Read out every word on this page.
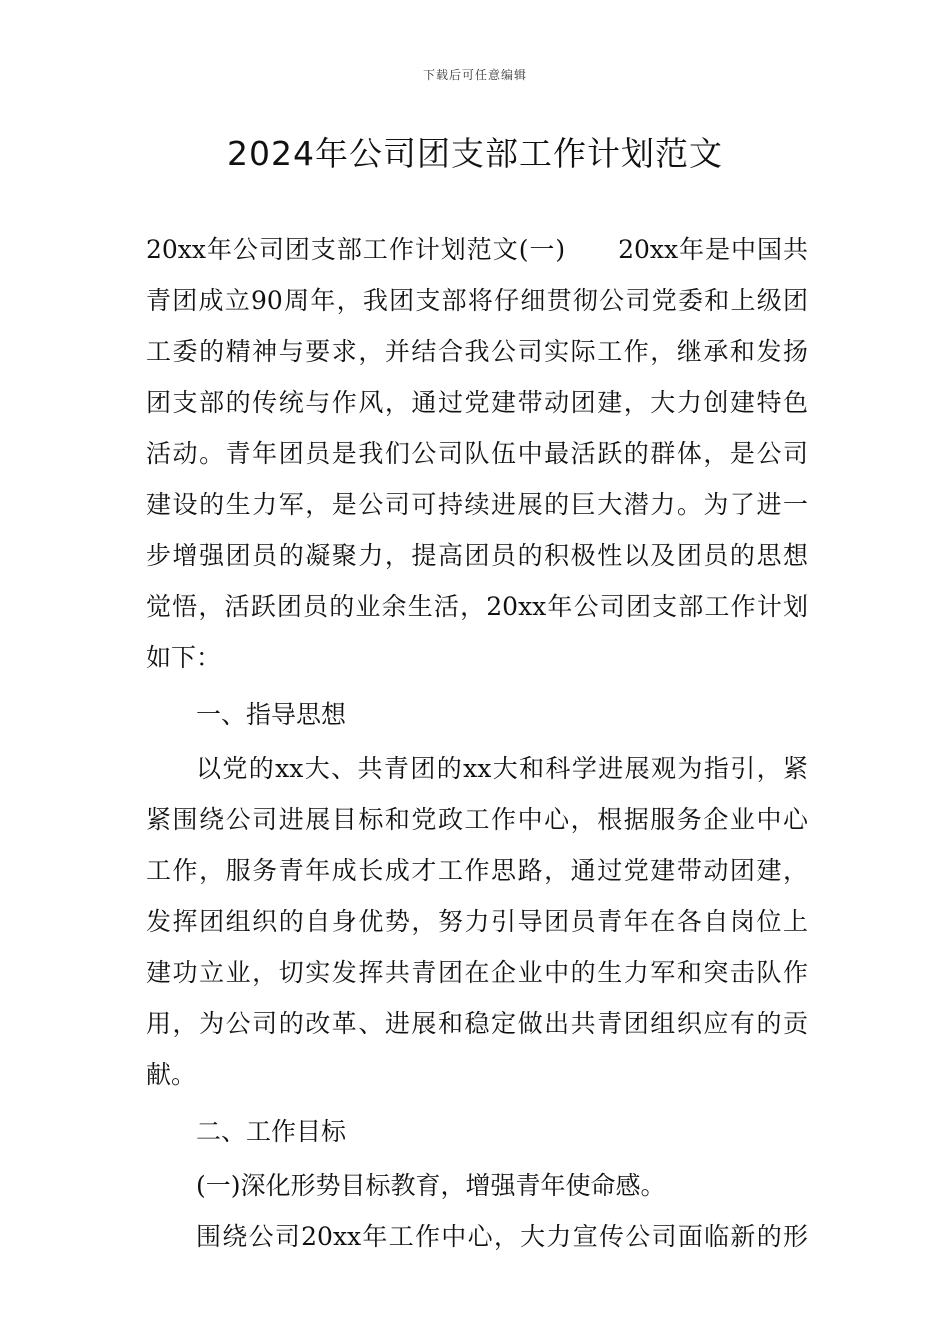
下载后可任意编辑
2024年公司团支部工作计划范文
20xx年公司团支部工作计划范文(一)　　20xx年是中国共
青团成立90周年，我团支部将仔细贯彻公司党委和上级团
工委的精神与要求，并结合我公司实际工作，继承和发扬
团支部的传统与作风，通过党建带动团建，大力创建特色
活动。青年团员是我们公司队伍中最活跃的群体，是公司
建设的生力军，是公司可持续进展的巨大潜力。为了进一
步增强团员的凝聚力，提高团员的积极性以及团员的思想
觉悟，活跃团员的业余生活，20xx年公司团支部工作计划
如下：
一、指导思想
以党的xx大、共青团的xx大和科学进展观为指引，紧
紧围绕公司进展目标和党政工作中心，根据服务企业中心
工作，服务青年成长成才工作思路，通过党建带动团建，
发挥团组织的自身优势，努力引导团员青年在各自岗位上
建功立业，切实发挥共青团在企业中的生力军和突击队作
用，为公司的改革、进展和稳定做出共青团组织应有的贡
献。
二、工作目标
(一)深化形势目标教育，增强青年使命感。
围绕公司20xx年工作中心，大力宣传公司面临新的形
